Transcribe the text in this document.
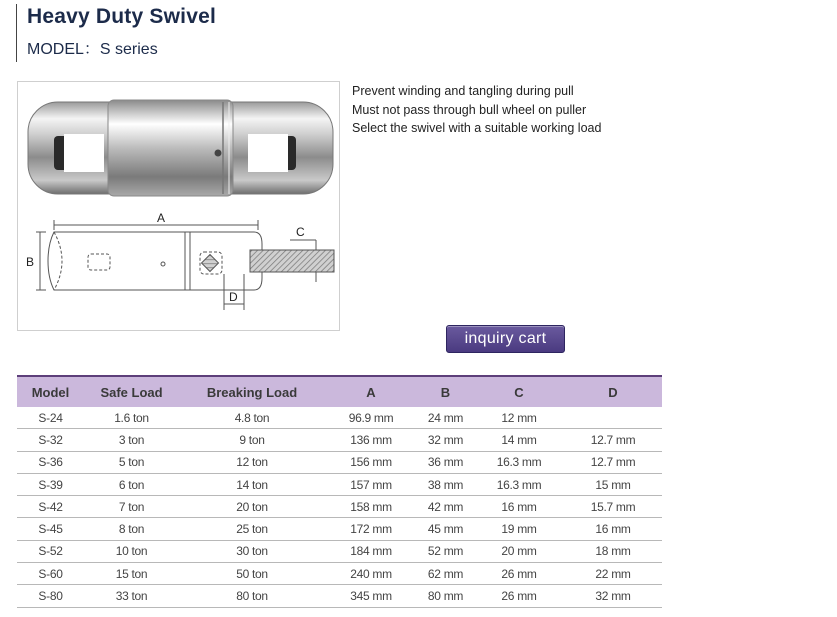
Heavy Duty Swivel
MODEL：S series
A
B
C
D
Prevent winding and tangling during pull
Must not pass through bull wheel on puller
Select the swivel with a suitable working load
inquiry cart
Model	Safe Load	Breaking Load	A	B	C	D
S-24	1.6 ton	4.8 ton	96.9 mm	24 mm	12 mm	
S-32	3 ton	9 ton	136 mm	32 mm	14 mm	12.7 mm
S-36	5 ton	12 ton	156 mm	36 mm	16.3 mm	12.7 mm
S-39	6 ton	14 ton	157 mm	38 mm	16.3 mm	15 mm
S-42	7 ton	20 ton	158 mm	42 mm	16 mm	15.7 mm
S-45	8 ton	25 ton	172 mm	45 mm	19 mm	16 mm
S-52	10 ton	30 ton	184 mm	52 mm	20 mm	18 mm
S-60	15 ton	50 ton	240 mm	62 mm	26 mm	22 mm
S-80	33 ton	80 ton	345 mm	80 mm	26 mm	32 mm
